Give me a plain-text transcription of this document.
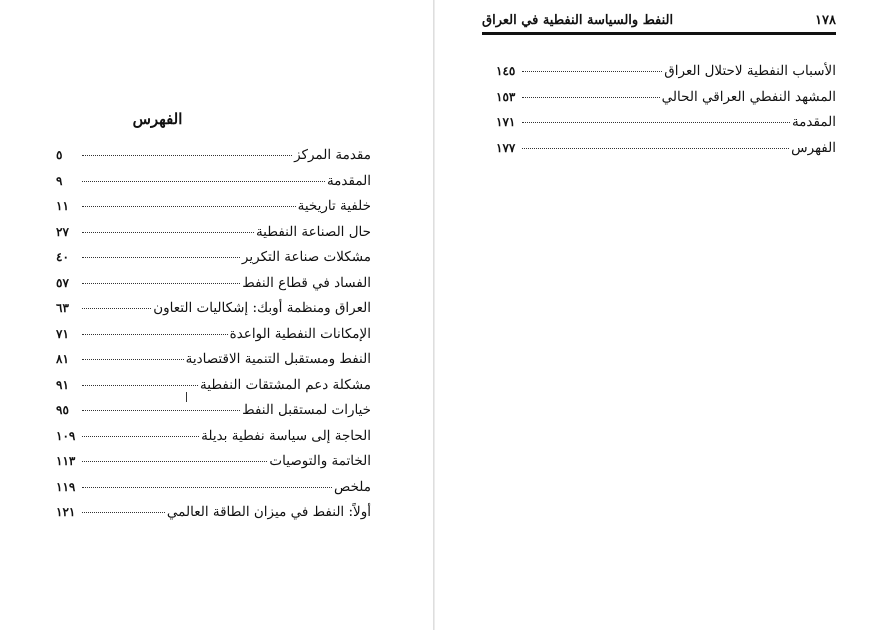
الفهرس
مقدمة المركز
٥
المقدمة
٩
خلفية تاريخية
١١
حال الصناعة النفطية
٢٧
مشكلات صناعة التكرير
٤٠
الفساد في قطاع النفط
٥٧
العراق ومنظمة أوبك: إشكاليات التعاون
٦٣
الإمكانات النفطية الواعدة
٧١
النفط ومستقبل التنمية الاقتصادية
٨١
مشكلة دعم المشتقات النفطية
٩١
خيارات لمستقبل النفط
٩٥
الحاجة إلى سياسة نفطية بديلة
١٠٩
الخاتمة والتوصيات
١١٣
ملخص
١١٩
أولاً: النفط في ميزان الطاقة العالمي
١٢١
١٧٨
النفط والسياسة النفطية في العراق
الأسباب النفطية لاحتلال العراق
١٤٥
المشهد النفطي العراقي الحالي
١٥٣
المقدمة
١٧١
الفهرس
١٧٧
